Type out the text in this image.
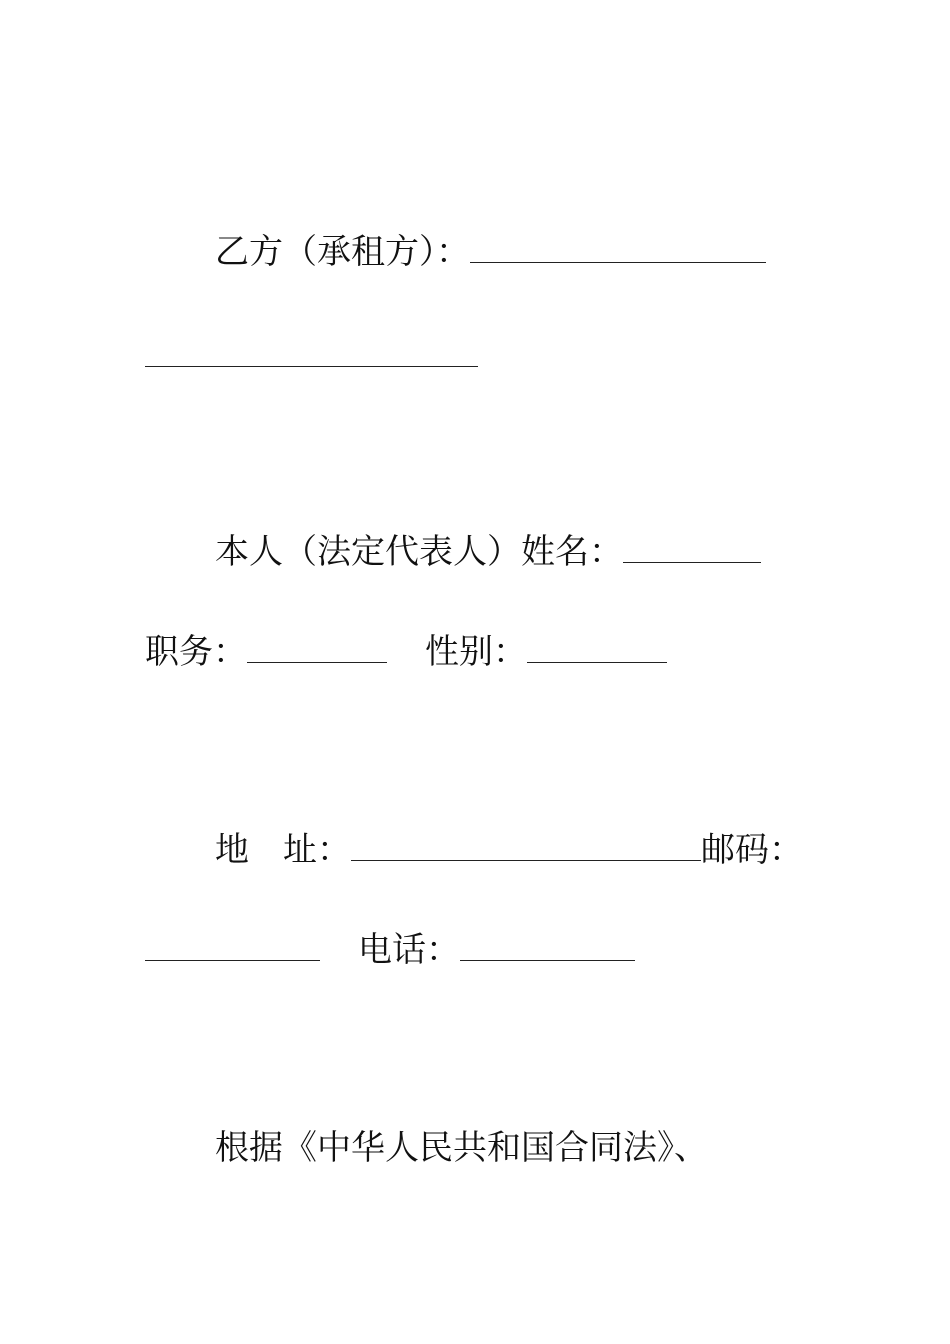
乙方（承租方）：
本人（法定代表人）姓名：
职务：	性别：
地　址：	邮码：
电话：
根据《中华人民共和国合同法》、
